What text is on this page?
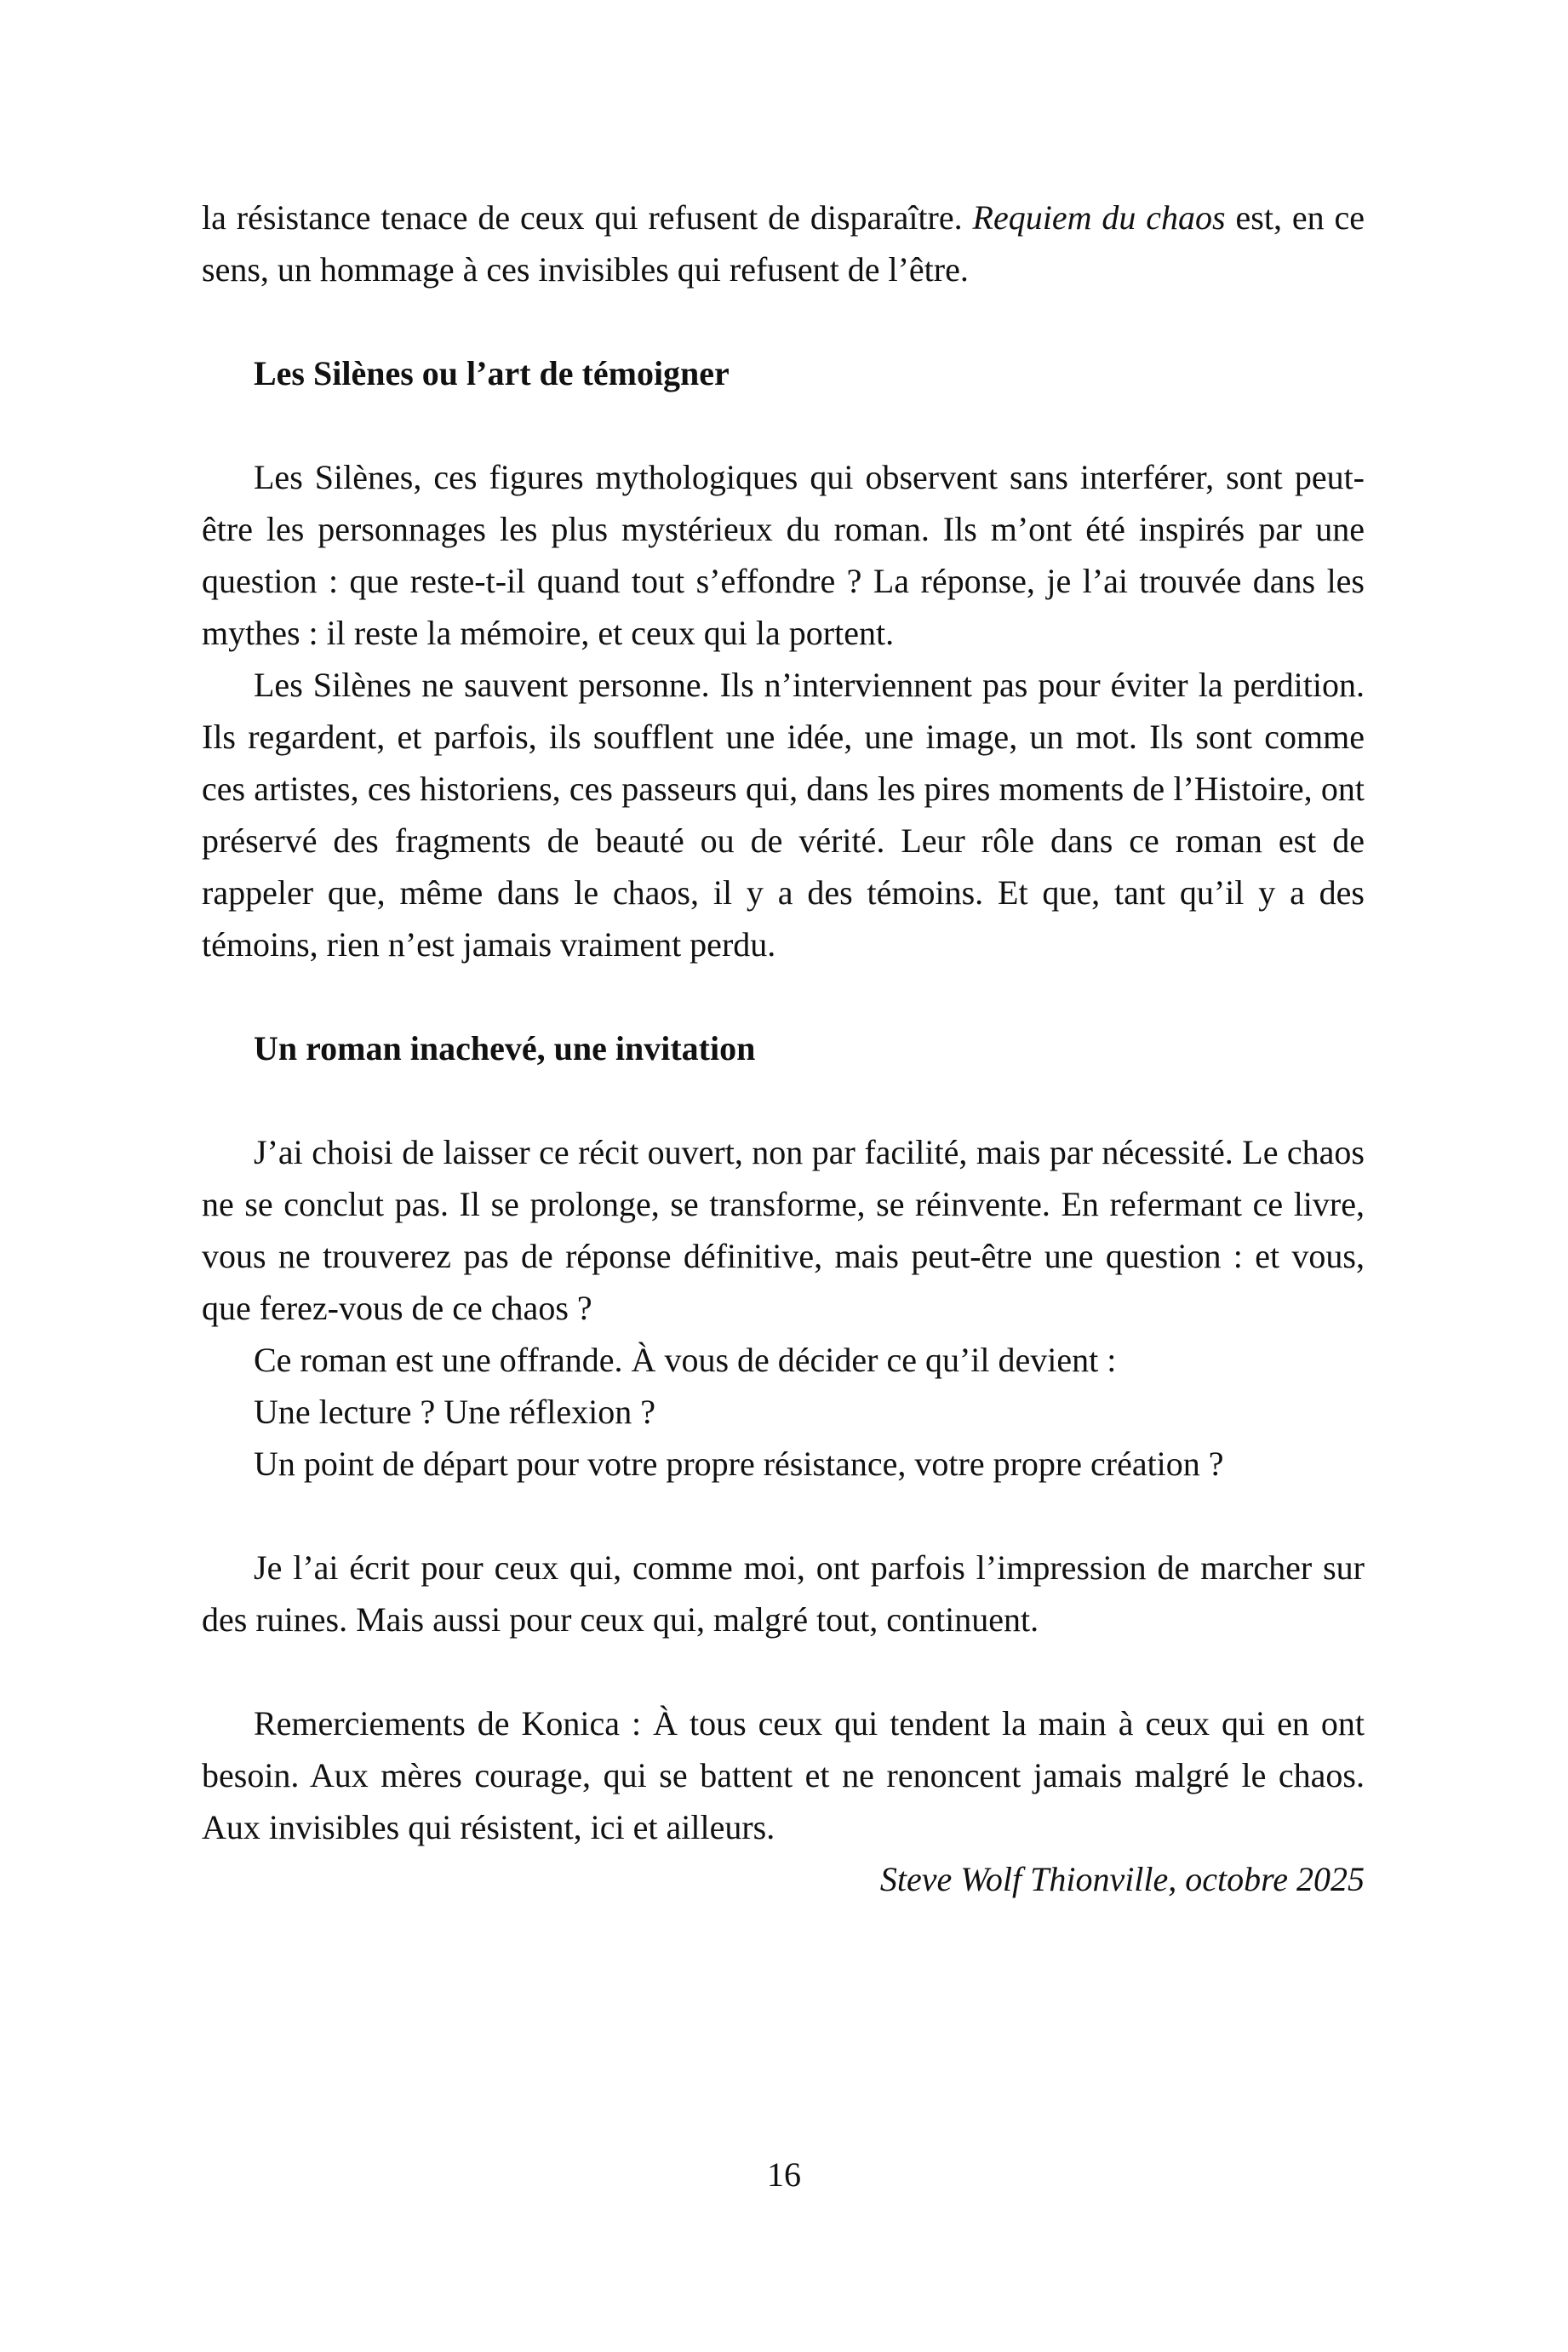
la résistance tenace de ceux qui refusent de disparaître. Requiem du chaos est, en ce sens, un hommage à ces invisibles qui refusent de l’être.

Les Silènes ou l’art de témoigner

Les Silènes, ces figures mythologiques qui observent sans interférer, sont peut-être les personnages les plus mystérieux du roman. Ils m’ont été inspirés par une question : que reste-t-il quand tout s’effondre ? La réponse, je l’ai trouvée dans les mythes : il reste la mémoire, et ceux qui la portent.

Les Silènes ne sauvent personne. Ils n’interviennent pas pour éviter la perdition. Ils regardent, et parfois, ils soufflent une idée, une image, un mot. Ils sont comme ces artistes, ces historiens, ces passeurs qui, dans les pires moments de l’Histoire, ont préservé des fragments de beauté ou de vérité. Leur rôle dans ce roman est de rappeler que, même dans le chaos, il y a des témoins. Et que, tant qu’il y a des témoins, rien n’est jamais vraiment perdu.

Un roman inachevé, une invitation

J’ai choisi de laisser ce récit ouvert, non par facilité, mais par nécessité. Le chaos ne se conclut pas. Il se prolonge, se transforme, se réinvente. En refermant ce livre, vous ne trouverez pas de réponse définitive, mais peut-être une question : et vous, que ferez-vous de ce chaos ?

Ce roman est une offrande. À vous de décider ce qu’il devient :

Une lecture ? Une réflexion ?

Un point de départ pour votre propre résistance, votre propre création ?

Je l’ai écrit pour ceux qui, comme moi, ont parfois l’impression de marcher sur des ruines. Mais aussi pour ceux qui, malgré tout, continuent.

Remerciements de Konica : À tous ceux qui tendent la main à ceux qui en ont besoin. Aux mères courage, qui se battent et ne renoncent jamais malgré le chaos. Aux invisibles qui résistent, ici et ailleurs.

Steve Wolf Thionville, octobre 2025

16
